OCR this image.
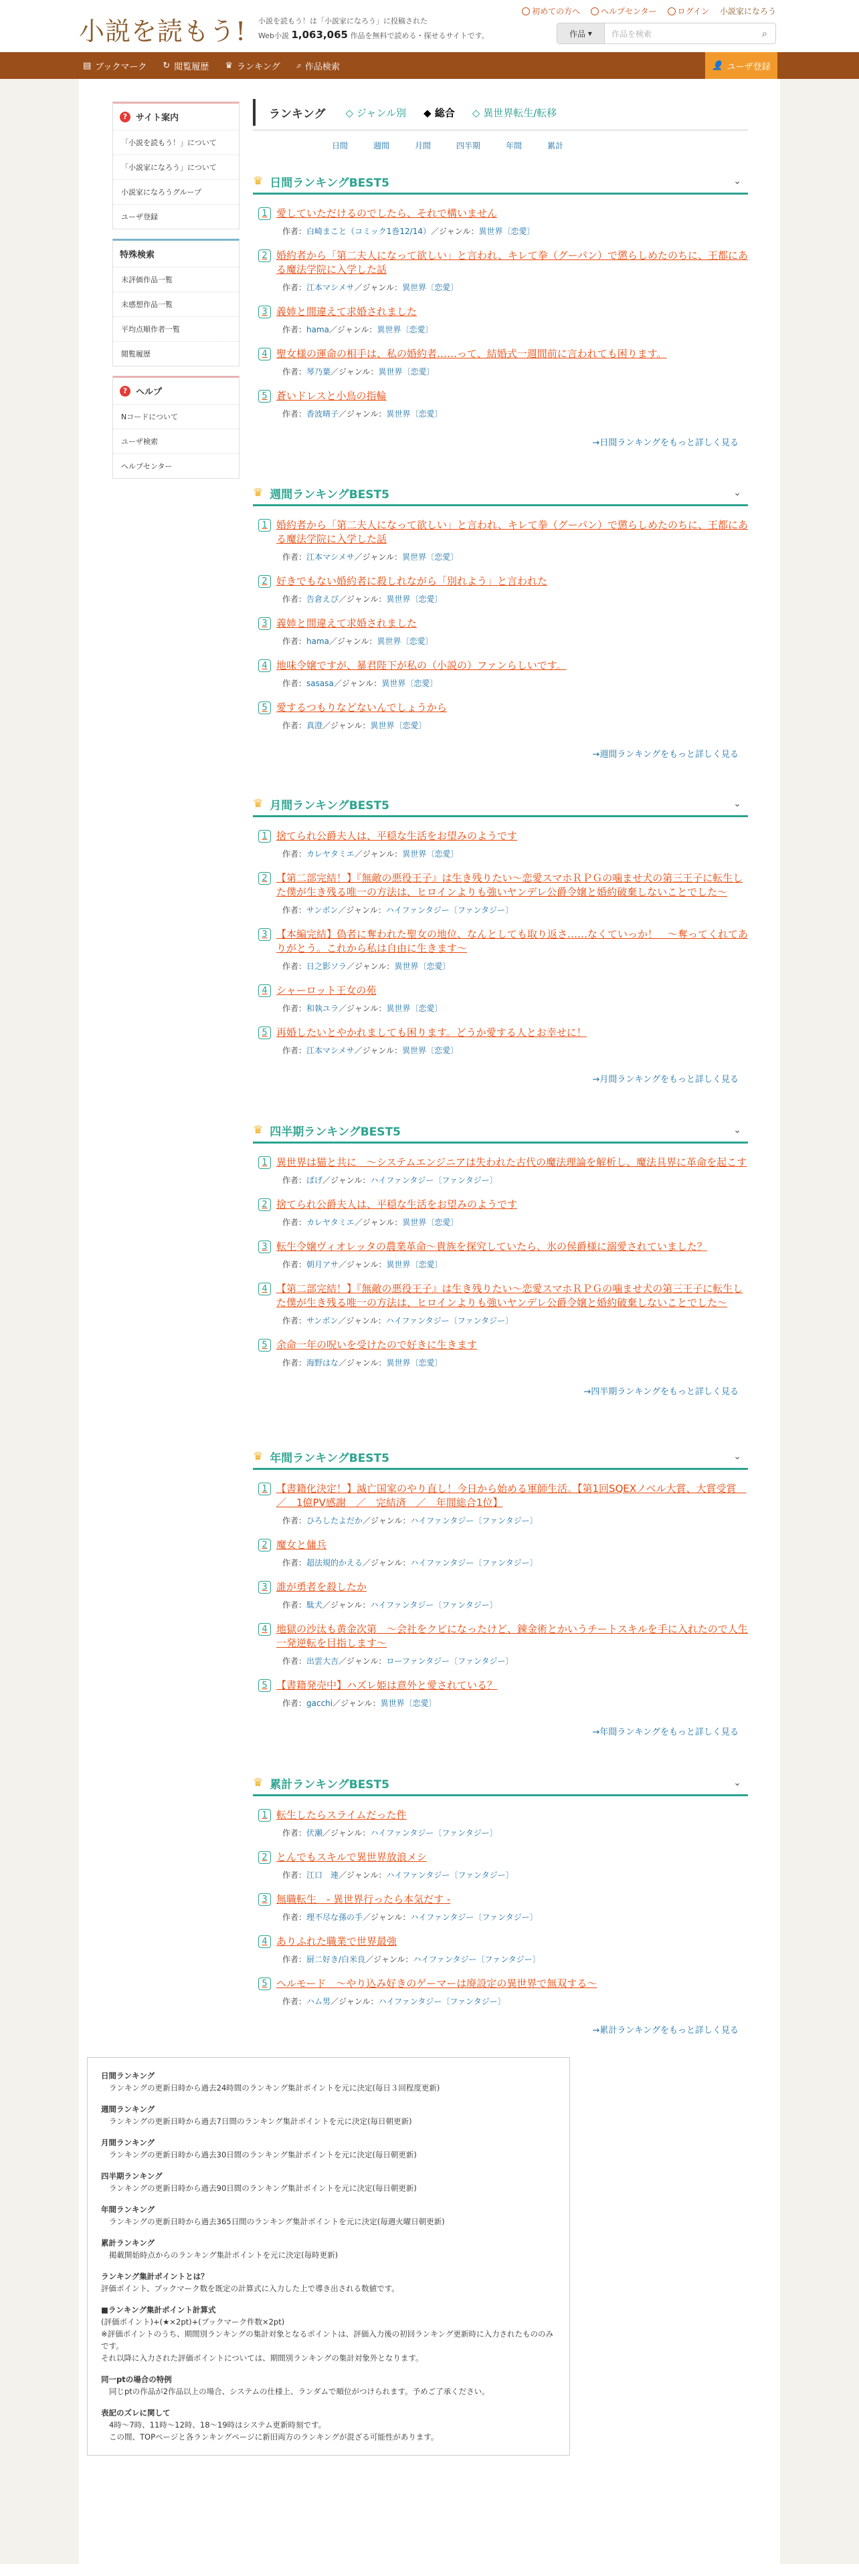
小説を読もう! 小説を読もう！は「小説家になろう」に投稿された
Web小説 1,063,065 作品を無料で読める・探せるサイトです。
初めての方へ	ヘルプセンター	ログイン 小説家になろう
作品 ▾	作品を検索	⌕
▤ ブックマーク ↻ 閲覧履歴 ♛ ランキング ⌕ 作品検索	👤 ユーザ登録
? サイト案内
「小説を読もう！」について
「小説家になろう」について
小説家になろうグループ
ユーザ登録
特殊検索
未評価作品一覧
未感想作品一覧
平均点順作者一覧
閲覧履歴
? ヘルプ
Nコードについて
ユーザ検索
ヘルプセンター
ランキング ◇ ジャンル別 ◆ 総合 ◇ 異世界転生/転移
日間	週間	月間	四半期	年間	累計
♛ 日間ランキングBEST5	⌄
1 愛していただけるのでしたら、それで構いません
作者：白崎まこと（コミック1巻12/14）／ジャンル：異世界〔恋愛〕
2 婚約者から「第二夫人になって欲しい」と言われ、キレて拳（グーパン）で懲らしめたのちに、王都にある魔法学院に入学した話
作者：江本マシメサ／ジャンル：異世界〔恋愛〕
3 義姉と間違えて求婚されました
作者：hama／ジャンル：異世界〔恋愛〕
4 聖女様の運命の相手は、私の婚約者……って、結婚式一週間前に言われても困ります。
作者：琴乃葉／ジャンル：異世界〔恋愛〕
5 蒼いドレスと小鳥の指輪
作者：香波晴子／ジャンル：異世界〔恋愛〕
→日間ランキングをもっと詳しく見る
♛ 週間ランキングBEST5	⌄
1 婚約者から「第二夫人になって欲しい」と言われ、キレて拳（グーパン）で懲らしめたのちに、王都にある魔法学院に入学した話
作者：江本マシメサ／ジャンル：異世界〔恋愛〕
2 好きでもない婚約者に殺しれながら「別れよう」と言われた
作者：告倉えび／ジャンル：異世界〔恋愛〕
3 義姉と間違えて求婚されました
作者：hama／ジャンル：異世界〔恋愛〕
4 地味令嬢ですが、暴君陛下が私の（小説の）ファンらしいです。
作者：sasasa／ジャンル：異世界〔恋愛〕
5 愛するつもりなどないんでしょうから
作者：真澄／ジャンル：異世界〔恋愛〕
→週間ランキングをもっと詳しく見る
♛ 月間ランキングBEST5	⌄
1 捨てられ公爵夫人は、平穏な生活をお望みのようです
作者：カレヤタミエ／ジャンル：異世界〔恋愛〕
2 【第二部完結！】『無敵の悪役王子』は生き残りたい〜恋愛スマホＲＰＧの噛ませ犬の第三王子に転生した僕が生き残る唯一の方法は、ヒロインよりも強いヤンデレ公爵令嬢と婚約破棄しないことでした〜
作者：サンボン／ジャンル：ハイファンタジー〔ファンタジー〕
3 【本編完結】偽者に奪われた聖女の地位、なんとしても取り返さ……なくていっか！　〜奪ってくれてありがとう。これから私は自由に生きます〜
作者：日之影ソラ／ジャンル：異世界〔恋愛〕
4 シャーロット王女の苑
作者：和執ユラ／ジャンル：異世界〔恋愛〕
5 再婚したいとやかれましても困ります。どうか愛する人とお幸せに！
作者：江本マシメサ／ジャンル：異世界〔恋愛〕
→月間ランキングをもっと詳しく見る
♛ 四半期ランキングBEST5	⌄
1 異世界は猫と共に　〜システムエンジニアは失われた古代の魔法理論を解析し、魔法具界に革命を起こす
作者：ぱげ／ジャンル：ハイファンタジー〔ファンタジー〕
2 捨てられ公爵夫人は、平穏な生活をお望みのようです
作者：カレヤタミエ／ジャンル：異世界〔恋愛〕
3 転生令嬢ヴィオレッタの農業革命〜貴族を探究していたら、氷の侯爵様に溺愛されていました？
作者：朝月アサ／ジャンル：異世界〔恋愛〕
4 【第二部完結！】『無敵の悪役王子』は生き残りたい〜恋愛スマホＲＰＧの噛ませ犬の第三王子に転生した僕が生き残る唯一の方法は、ヒロインよりも強いヤンデレ公爵令嬢と婚約破棄しないことでした〜
作者：サンボン／ジャンル：ハイファンタジー〔ファンタジー〕
5 余命一年の呪いを受けたので好きに生きます
作者：海野はな／ジャンル：異世界〔恋愛〕
→四半期ランキングをもっと詳しく見る
♛ 年間ランキングBEST5	⌄
1 【書籍化決定！】滅亡国家のやり直し！今日から始める軍師生活。【第1回SQEXノベル大賞、大賞受賞　／　1億PV感謝　／　完結済　／　年間総合1位】
作者：ひろしたよだか／ジャンル：ハイファンタジー〔ファンタジー〕
2 魔女と傭兵
作者：超法規的かえる／ジャンル：ハイファンタジー〔ファンタジー〕
3 誰が勇者を殺したか
作者：駄犬／ジャンル：ハイファンタジー〔ファンタジー〕
4 地獄の沙汰も黄金次第　〜会社をクビになったけど、錬金術とかいうチートスキルを手に入れたので人生一発逆転を目指します〜
作者：出雲大吉／ジャンル：ローファンタジー〔ファンタジー〕
5 【書籍発売中】ハズレ姫は意外と愛されている？
作者：gacchi／ジャンル：異世界〔恋愛〕
→年間ランキングをもっと詳しく見る
♛ 累計ランキングBEST5	⌄
1 転生したらスライムだった件
作者：伏瀬／ジャンル：ハイファンタジー〔ファンタジー〕
2 とんでもスキルで異世界放浪メシ
作者：江口　連／ジャンル：ハイファンタジー〔ファンタジー〕
3 無職転生　- 異世界行ったら本気だす -
作者：理不尽な孫の手／ジャンル：ハイファンタジー〔ファンタジー〕
4 ありふれた職業で世界最強
作者：厨二好き/白米良／ジャンル：ハイファンタジー〔ファンタジー〕
5 ヘルモード　〜やり込み好きのゲーマーは廃設定の異世界で無双する〜
作者：ハム男／ジャンル：ハイファンタジー〔ファンタジー〕
→累計ランキングをもっと詳しく見る
日間ランキング
ランキングの更新日時から過去24時間のランキング集計ポイントを元に決定(毎日３回程度更新)
週間ランキング
ランキングの更新日時から過去7日間のランキング集計ポイントを元に決定(毎日朝更新)
月間ランキング
ランキングの更新日時から過去30日間のランキング集計ポイントを元に決定(毎日朝更新)
四半期ランキング
ランキングの更新日時から過去90日間のランキング集計ポイントを元に決定(毎日朝更新)
年間ランキング
ランキングの更新日時から過去365日間のランキング集計ポイントを元に決定(毎週火曜日朝更新)
累計ランキング
掲載開始時点からのランキング集計ポイントを元に決定(毎時更新)
ランキング集計ポイントとは？
評価ポイント、ブックマーク数を既定の計算式に入力した上で導き出される数値です。
■ランキング集計ポイント計算式
(評価ポイント)+(★×2pt)+(ブックマーク件数×2pt)
※評価ポイントのうち、期間別ランキングの集計対象となるポイントは、評価入力後の初回ランキング更新時に入力されたもののみです。
それ以降に入力された評価ポイントについては、期間別ランキングの集計対象外となります。
同一ptの場合の特例
同じptの作品が2作品以上の場合、システムの仕様上、ランダムで順位がつけられます。予めご了承ください。
表記のズレに関して
4時〜7時、11時〜12時、18〜19時はシステム更新時刻です。
この間、TOPページと各ランキングページに新旧両方のランキングが混ざる可能性があります。
